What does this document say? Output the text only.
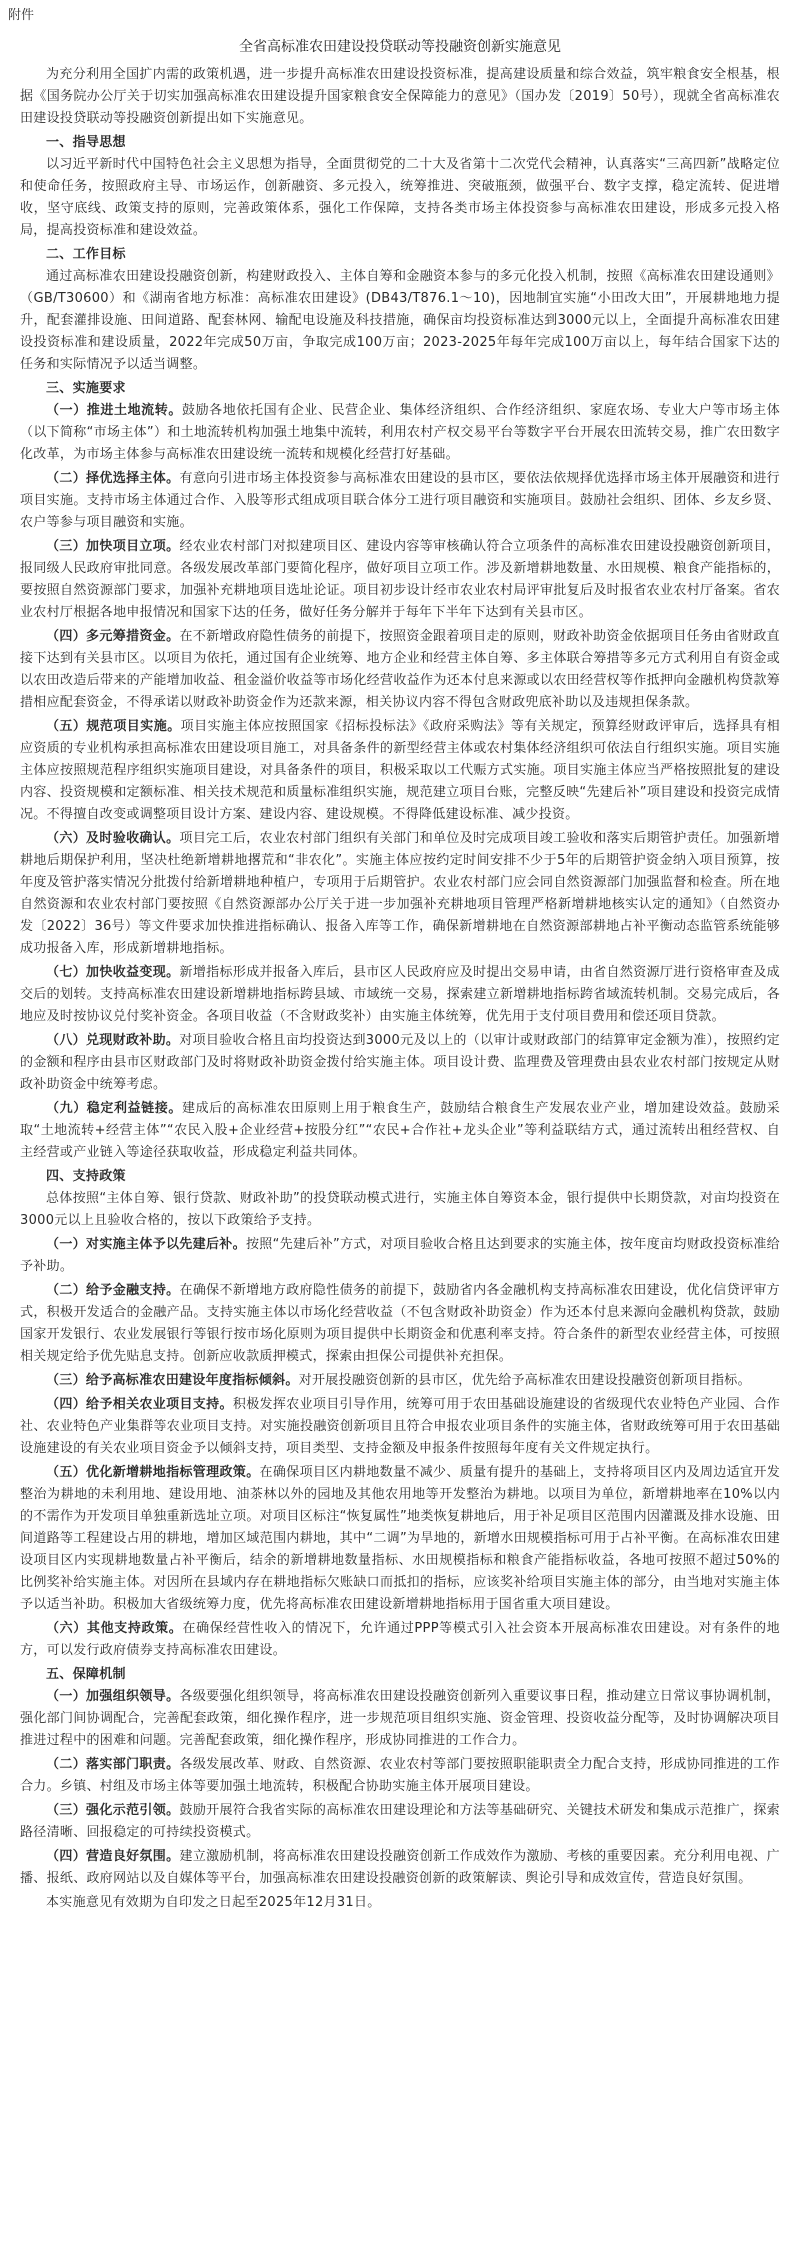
附件
全省高标准农田建设投贷联动等投融资创新实施意见

为充分利用全国扩内需的政策机遇，进一步提升高标准农田建设投资标准，提高建设质量和综合效益，筑牢粮食安全根基，根据《国务院办公厅关于切实加强高标准农田建设提升国家粮食安全保障能力的意见》（国办发〔2019〕50号），现就全省高标准农田建设投贷联动等投融资创新提出如下实施意见。

一、指导思想

以习近平新时代中国特色社会主义思想为指导，全面贯彻党的二十大及省第十二次党代会精神，认真落实“三高四新”战略定位和使命任务，按照政府主导、市场运作，创新融资、多元投入，统筹推进、突破瓶颈，做强平台、数字支撑，稳定流转、促进增收，坚守底线、政策支持的原则，完善政策体系，强化工作保障，支持各类市场主体投资参与高标准农田建设，形成多元投入格局，提高投资标准和建设效益。

二、工作目标

通过高标准农田建设投融资创新，构建财政投入、主体自筹和金融资本参与的多元化投入机制，按照《高标准农田建设通则》（GB/T30600）和《湖南省地方标准：高标准农田建设》(DB43/T876.1～10)，因地制宜实施“小田改大田”，开展耕地地力提升，配套灌排设施、田间道路、配套林网、输配电设施及科技措施，确保亩均投资标准达到3000元以上，全面提升高标准农田建设投资标准和建设质量，2022年完成50万亩，争取完成100万亩；2023-2025年每年完成100万亩以上，每年结合国家下达的任务和实际情况予以适当调整。

三、实施要求

（一）推进土地流转。鼓励各地依托国有企业、民营企业、集体经济组织、合作经济组织、家庭农场、专业大户等市场主体（以下简称“市场主体”）和土地流转机构加强土地集中流转，利用农村产权交易平台等数字平台开展农田流转交易，推广农田数字化改革，为市场主体参与高标准农田建设统一流转和规模化经营打好基础。

（二）择优选择主体。有意向引进市场主体投资参与高标准农田建设的县市区，要依法依规择优选择市场主体开展融资和进行项目实施。支持市场主体通过合作、入股等形式组成项目联合体分工进行项目融资和实施项目。鼓励社会组织、团体、乡友乡贤、农户等参与项目融资和实施。

（三）加快项目立项。经农业农村部门对拟建项目区、建设内容等审核确认符合立项条件的高标准农田建设投融资创新项目，报同级人民政府审批同意。各级发展改革部门要简化程序，做好项目立项工作。涉及新增耕地数量、水田规模、粮食产能指标的，要按照自然资源部门要求，加强补充耕地项目选址论证。项目初步设计经市农业农村局评审批复后及时报省农业农村厅备案。省农业农村厅根据各地申报情况和国家下达的任务，做好任务分解并于每年下半年下达到有关县市区。

（四）多元筹措资金。在不新增政府隐性债务的前提下，按照资金跟着项目走的原则，财政补助资金依据项目任务由省财政直接下达到有关县市区。以项目为依托，通过国有企业统筹、地方企业和经营主体自筹、多主体联合筹措等多元方式利用自有资金或以农田改造后带来的产能增加收益、租金溢价收益等市场化经营收益作为还本付息来源或以农田经营权等作抵押向金融机构贷款筹措相应配套资金，不得承诺以财政补助资金作为还款来源，相关协议内容不得包含财政兜底补助以及违规担保条款。

（五）规范项目实施。项目实施主体应按照国家《招标投标法》《政府采购法》等有关规定，预算经财政评审后，选择具有相应资质的专业机构承担高标准农田建设项目施工，对具备条件的新型经营主体或农村集体经济组织可依法自行组织实施。项目实施主体应按照规范程序组织实施项目建设，对具备条件的项目，积极采取以工代赈方式实施。项目实施主体应当严格按照批复的建设内容、投资规模和定额标准、相关技术规范和质量标准组织实施，规范建立项目台账，完整反映“先建后补”项目建设和投资完成情况。不得擅自改变或调整项目设计方案、建设内容、建设规模。不得降低建设标准、减少投资。

（六）及时验收确认。项目完工后，农业农村部门组织有关部门和单位及时完成项目竣工验收和落实后期管护责任。加强新增耕地后期保护利用，坚决杜绝新增耕地撂荒和“非农化”。实施主体应按约定时间安排不少于5年的后期管护资金纳入项目预算，按年度及管护落实情况分批拨付给新增耕地种植户，专项用于后期管护。农业农村部门应会同自然资源部门加强监督和检查。所在地自然资源和农业农村部门要按照《自然资源部办公厅关于进一步加强补充耕地项目管理严格新增耕地核实认定的通知》（自然资办发〔2022〕36号）等文件要求加快推进指标确认、报备入库等工作，确保新增耕地在自然资源部耕地占补平衡动态监管系统能够成功报备入库，形成新增耕地指标。

（七）加快收益变现。新增指标形成并报备入库后，县市区人民政府应及时提出交易申请，由省自然资源厅进行资格审查及成交后的划转。支持高标准农田建设新增耕地指标跨县域、市域统一交易，探索建立新增耕地指标跨省域流转机制。交易完成后，各地应及时按协议兑付奖补资金。各项目收益（不含财政奖补）由实施主体统筹，优先用于支付项目费用和偿还项目贷款。

（八）兑现财政补助。对项目验收合格且亩均投资达到3000元及以上的（以审计或财政部门的结算审定金额为准），按照约定的金额和程序由县市区财政部门及时将财政补助资金拨付给实施主体。项目设计费、监理费及管理费由县农业农村部门按规定从财政补助资金中统筹考虑。

（九）稳定利益链接。建成后的高标准农田原则上用于粮食生产，鼓励结合粮食生产发展农业产业，增加建设效益。鼓励采取“土地流转+经营主体”“农民入股+企业经营+按股分红”“农民+合作社+龙头企业”等利益联结方式，通过流转出租经营权、自主经营或产业链入等途径获取收益，形成稳定利益共同体。

四、支持政策

总体按照“主体自筹、银行贷款、财政补助”的投贷联动模式进行，实施主体自筹资本金，银行提供中长期贷款，对亩均投资在3000元以上且验收合格的，按以下政策给予支持。

（一）对实施主体予以先建后补。按照“先建后补”方式，对项目验收合格且达到要求的实施主体，按年度亩均财政投资标准给予补助。

（二）给予金融支持。在确保不新增地方政府隐性债务的前提下，鼓励省内各金融机构支持高标准农田建设，优化信贷评审方式，积极开发适合的金融产品。支持实施主体以市场化经营收益（不包含财政补助资金）作为还本付息来源向金融机构贷款，鼓励国家开发银行、农业发展银行等银行按市场化原则为项目提供中长期资金和优惠利率支持。符合条件的新型农业经营主体，可按照相关规定给予优先贴息支持。创新应收款质押模式，探索由担保公司提供补充担保。

（三）给予高标准农田建设年度指标倾斜。对开展投融资创新的县市区，优先给予高标准农田建设投融资创新项目指标。

（四）给予相关农业项目支持。积极发挥农业项目引导作用，统筹可用于农田基础设施建设的省级现代农业特色产业园、合作社、农业特色产业集群等农业项目支持。对实施投融资创新项目且符合申报农业项目条件的实施主体，省财政统筹可用于农田基础设施建设的有关农业项目资金予以倾斜支持，项目类型、支持金额及申报条件按照每年度有关文件规定执行。

（五）优化新增耕地指标管理政策。在确保项目区内耕地数量不减少、质量有提升的基础上，支持将项目区内及周边适宜开发整治为耕地的未利用地、建设用地、油茶林以外的园地及其他农用地等开发整治为耕地。以项目为单位，新增耕地率在10%以内的不需作为开发项目单独重新选址立项。对项目区标注“恢复属性”地类恢复耕地后，用于补足项目区范围内因灌溉及排水设施、田间道路等工程建设占用的耕地，增加区域范围内耕地，其中“二调”为旱地的，新增水田规模指标可用于占补平衡。在高标准农田建设项目区内实现耕地数量占补平衡后，结余的新增耕地数量指标、水田规模指标和粮食产能指标收益，各地可按照不超过50%的比例奖补给实施主体。对因所在县域内存在耕地指标欠账缺口而抵扣的指标，应该奖补给项目实施主体的部分，由当地对实施主体予以适当补助。积极加大省级统筹力度，优先将高标准农田建设新增耕地指标用于国省重大项目建设。

（六）其他支持政策。在确保经营性收入的情况下，允许通过PPP等模式引入社会资本开展高标准农田建设。对有条件的地方，可以发行政府债券支持高标准农田建设。

五、保障机制

（一）加强组织领导。各级要强化组织领导，将高标准农田建设投融资创新列入重要议事日程，推动建立日常议事协调机制，强化部门间协调配合，完善配套政策，细化操作程序，进一步规范项目组织实施、资金管理、投资收益分配等，及时协调解决项目推进过程中的困难和问题。完善配套政策，细化操作程序，形成协同推进的工作合力。

（二）落实部门职责。各级发展改革、财政、自然资源、农业农村等部门要按照职能职责全力配合支持，形成协同推进的工作合力。乡镇、村组及市场主体等要加强土地流转，积极配合协助实施主体开展项目建设。

（三）强化示范引领。鼓励开展符合我省实际的高标准农田建设理论和方法等基础研究、关键技术研发和集成示范推广，探索路径清晰、回报稳定的可持续投资模式。

（四）营造良好氛围。建立激励机制，将高标准农田建设投融资创新工作成效作为激励、考核的重要因素。充分利用电视、广播、报纸、政府网站以及自媒体等平台，加强高标准农田建设投融资创新的政策解读、舆论引导和成效宣传，营造良好氛围。

本实施意见有效期为自印发之日起至2025年12月31日。
